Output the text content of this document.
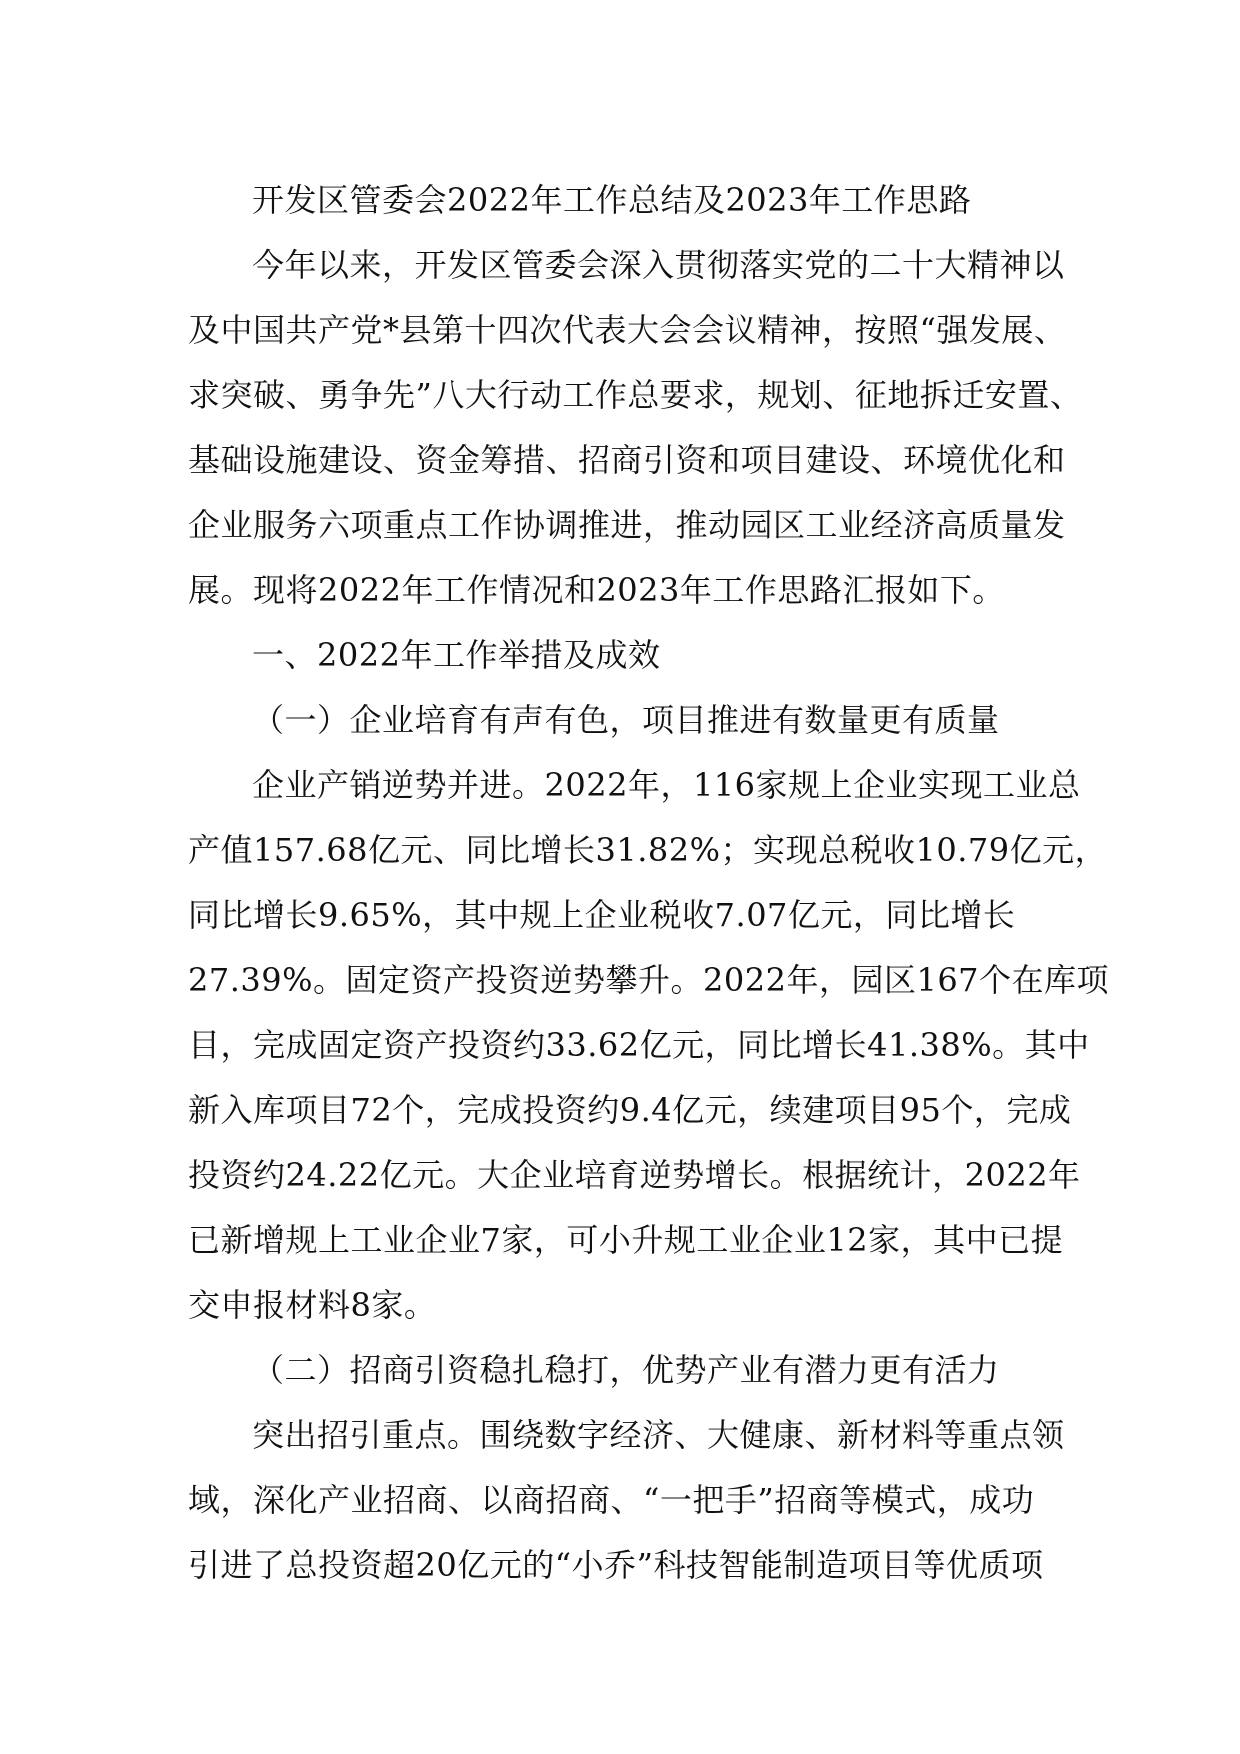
开发区管委会2022年工作总结及2023年工作思路
今年以来，开发区管委会深入贯彻落实党的二十大精神以
及中国共产党*县第十四次代表大会会议精神，按照“强发展、
求突破、勇争先”八大行动工作总要求，规划、征地拆迁安置、
基础设施建设、资金筹措、招商引资和项目建设、环境优化和
企业服务六项重点工作协调推进，推动园区工业经济高质量发
展。现将2022年工作情况和2023年工作思路汇报如下。
一、2022年工作举措及成效
（一）企业培育有声有色，项目推进有数量更有质量
企业产销逆势并进。2022年，116家规上企业实现工业总
产值157.68亿元、同比增长31.82%；实现总税收10.79亿元，
同比增长9.65%，其中规上企业税收7.07亿元，同比增长
27.39%。固定资产投资逆势攀升。2022年，园区167个在库项
目，完成固定资产投资约33.62亿元，同比增长41.38%。其中
新入库项目72个，完成投资约9.4亿元，续建项目95个，完成
投资约24.22亿元。大企业培育逆势增长。根据统计，2022年
已新增规上工业企业7家，可小升规工业企业12家，其中已提
交申报材料8家。
（二）招商引资稳扎稳打，优势产业有潜力更有活力
突出招引重点。围绕数字经济、大健康、新材料等重点领
域，深化产业招商、以商招商、“一把手”招商等模式，成功
引进了总投资超20亿元的“小乔”科技智能制造项目等优质项
